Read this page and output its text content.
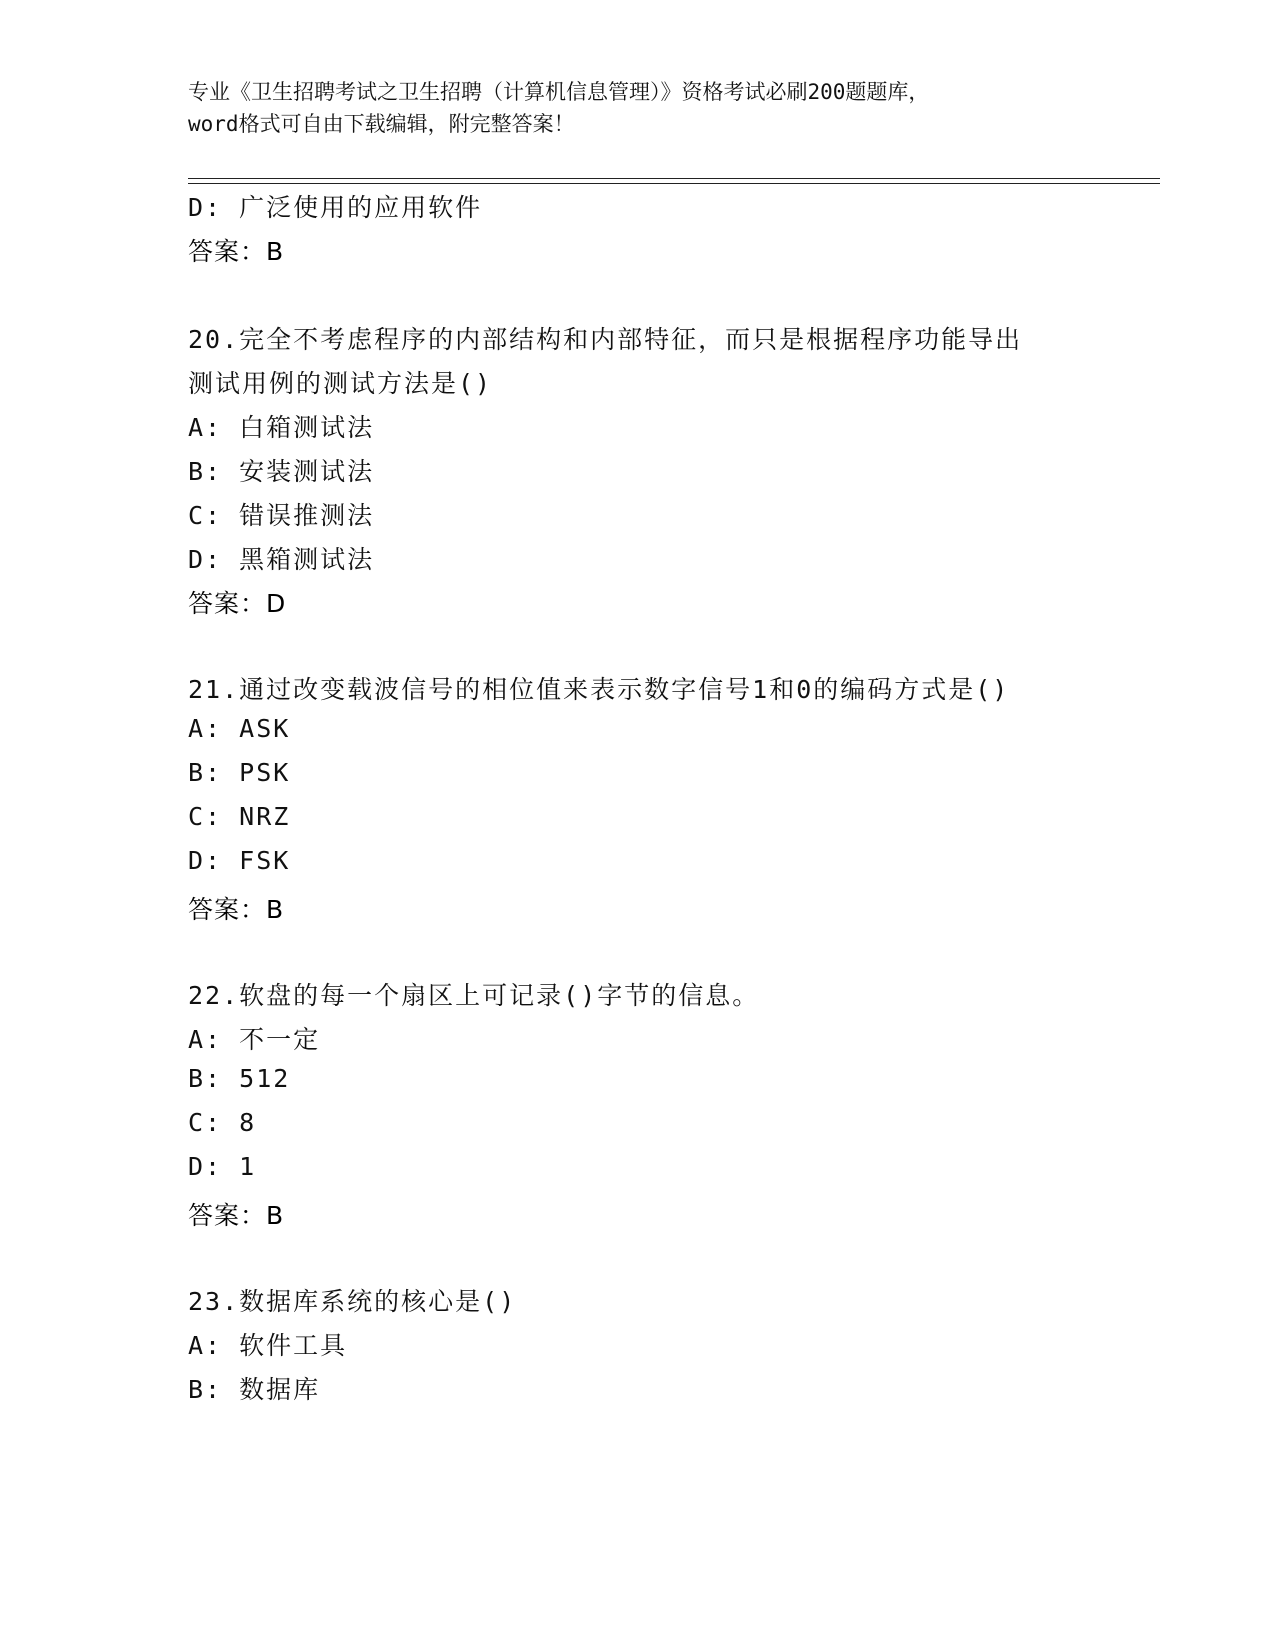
专业《卫生招聘考试之卫生招聘（计算机信息管理）》资格考试必刷200题题库，
word格式可自由下载编辑，附完整答案！
D: 广泛使用的应用软件
答案：B
20.完全不考虑程序的内部结构和内部特征，而只是根据程序功能导出
测试用例的测试方法是()
A: 白箱测试法
B: 安装测试法
C: 错误推测法
D: 黑箱测试法
答案：D
21.通过改变载波信号的相位值来表示数字信号1和0的编码方式是()
A: ASK
B: PSK
C: NRZ
D: FSK
答案：B
22.软盘的每一个扇区上可记录()字节的信息。
A: 不一定
B: 512
C: 8
D: 1
答案：B
23.数据库系统的核心是()
A: 软件工具
B: 数据库
